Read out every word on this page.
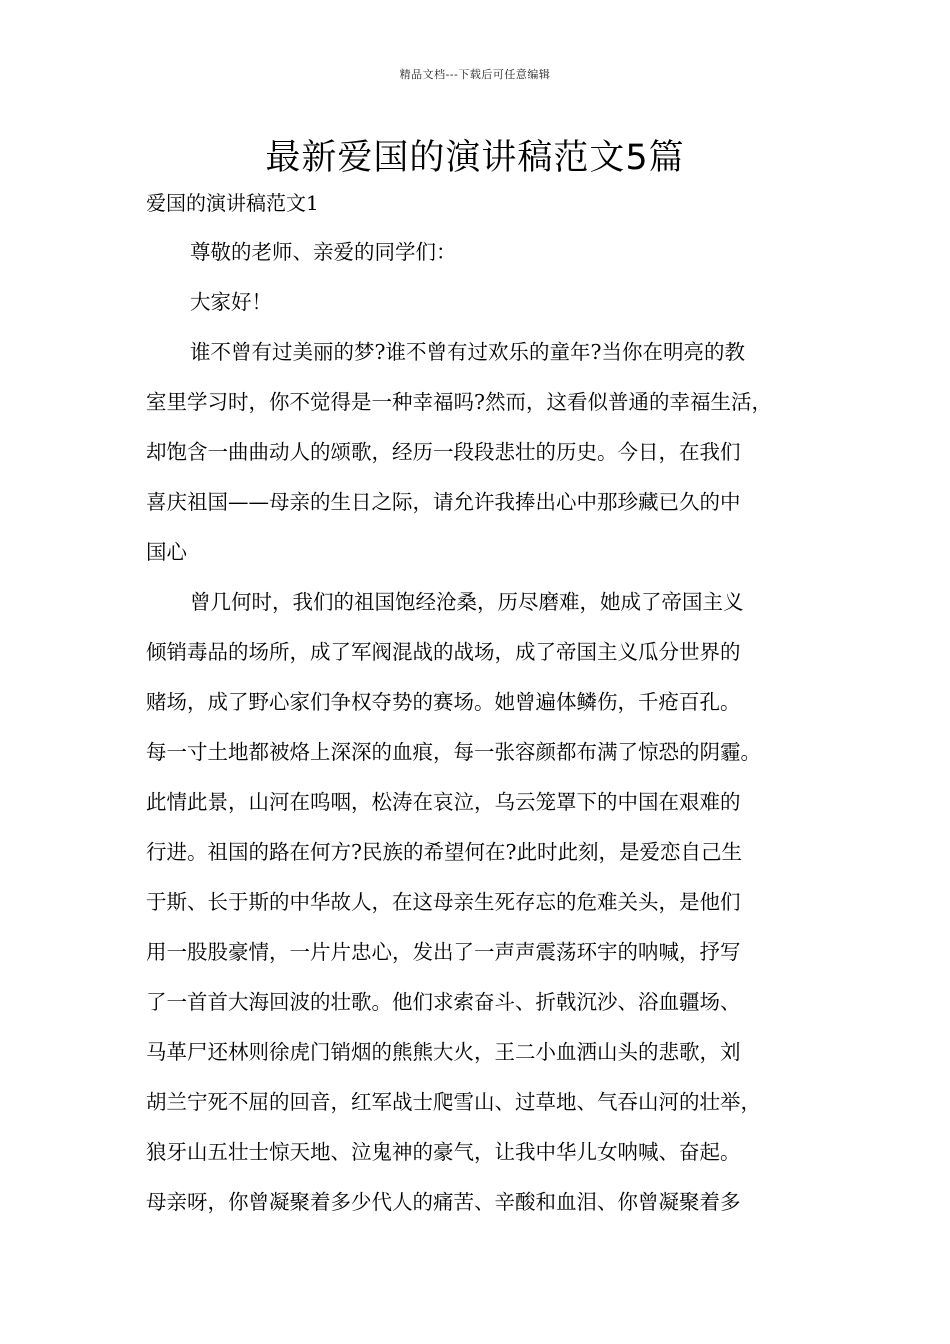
精品文档---下载后可任意编辑
最新爱国的演讲稿范文5篇
爱国的演讲稿范文1
尊敬的老师、亲爱的同学们：
大家好！
谁不曾有过美丽的梦?谁不曾有过欢乐的童年?当你在明亮的教
室里学习时，你不觉得是一种幸福吗?然而，这看似普通的幸福生活，
却饱含一曲曲动人的颂歌，经历一段段悲壮的历史。今日，在我们
喜庆祖国——母亲的生日之际，请允许我捧出心中那珍藏已久的中
国心
曾几何时，我们的祖国饱经沧桑，历尽磨难，她成了帝国主义
倾销毒品的场所，成了军阀混战的战场，成了帝国主义瓜分世界的
赌场，成了野心家们争权夺势的赛场。她曾遍体鳞伤，千疮百孔。
每一寸土地都被烙上深深的血痕，每一张容颜都布满了惊恐的阴霾。
此情此景，山河在呜咽，松涛在哀泣，乌云笼罩下的中国在艰难的
行进。祖国的路在何方?民族的希望何在?此时此刻，是爱恋自己生
于斯、长于斯的中华故人，在这母亲生死存忘的危难关头，是他们
用一股股豪情，一片片忠心，发出了一声声震荡环宇的呐喊，抒写
了一首首大海回波的壮歌。他们求索奋斗、折戟沉沙、浴血疆场、
马革尸还林则徐虎门销烟的熊熊大火，王二小血洒山头的悲歌，刘
胡兰宁死不屈的回音，红军战士爬雪山、过草地、气吞山河的壮举，
狼牙山五壮士惊天地、泣鬼神的豪气，让我中华儿女呐喊、奋起。
母亲呀，你曾凝聚着多少代人的痛苦、辛酸和血泪、你曾凝聚着多
